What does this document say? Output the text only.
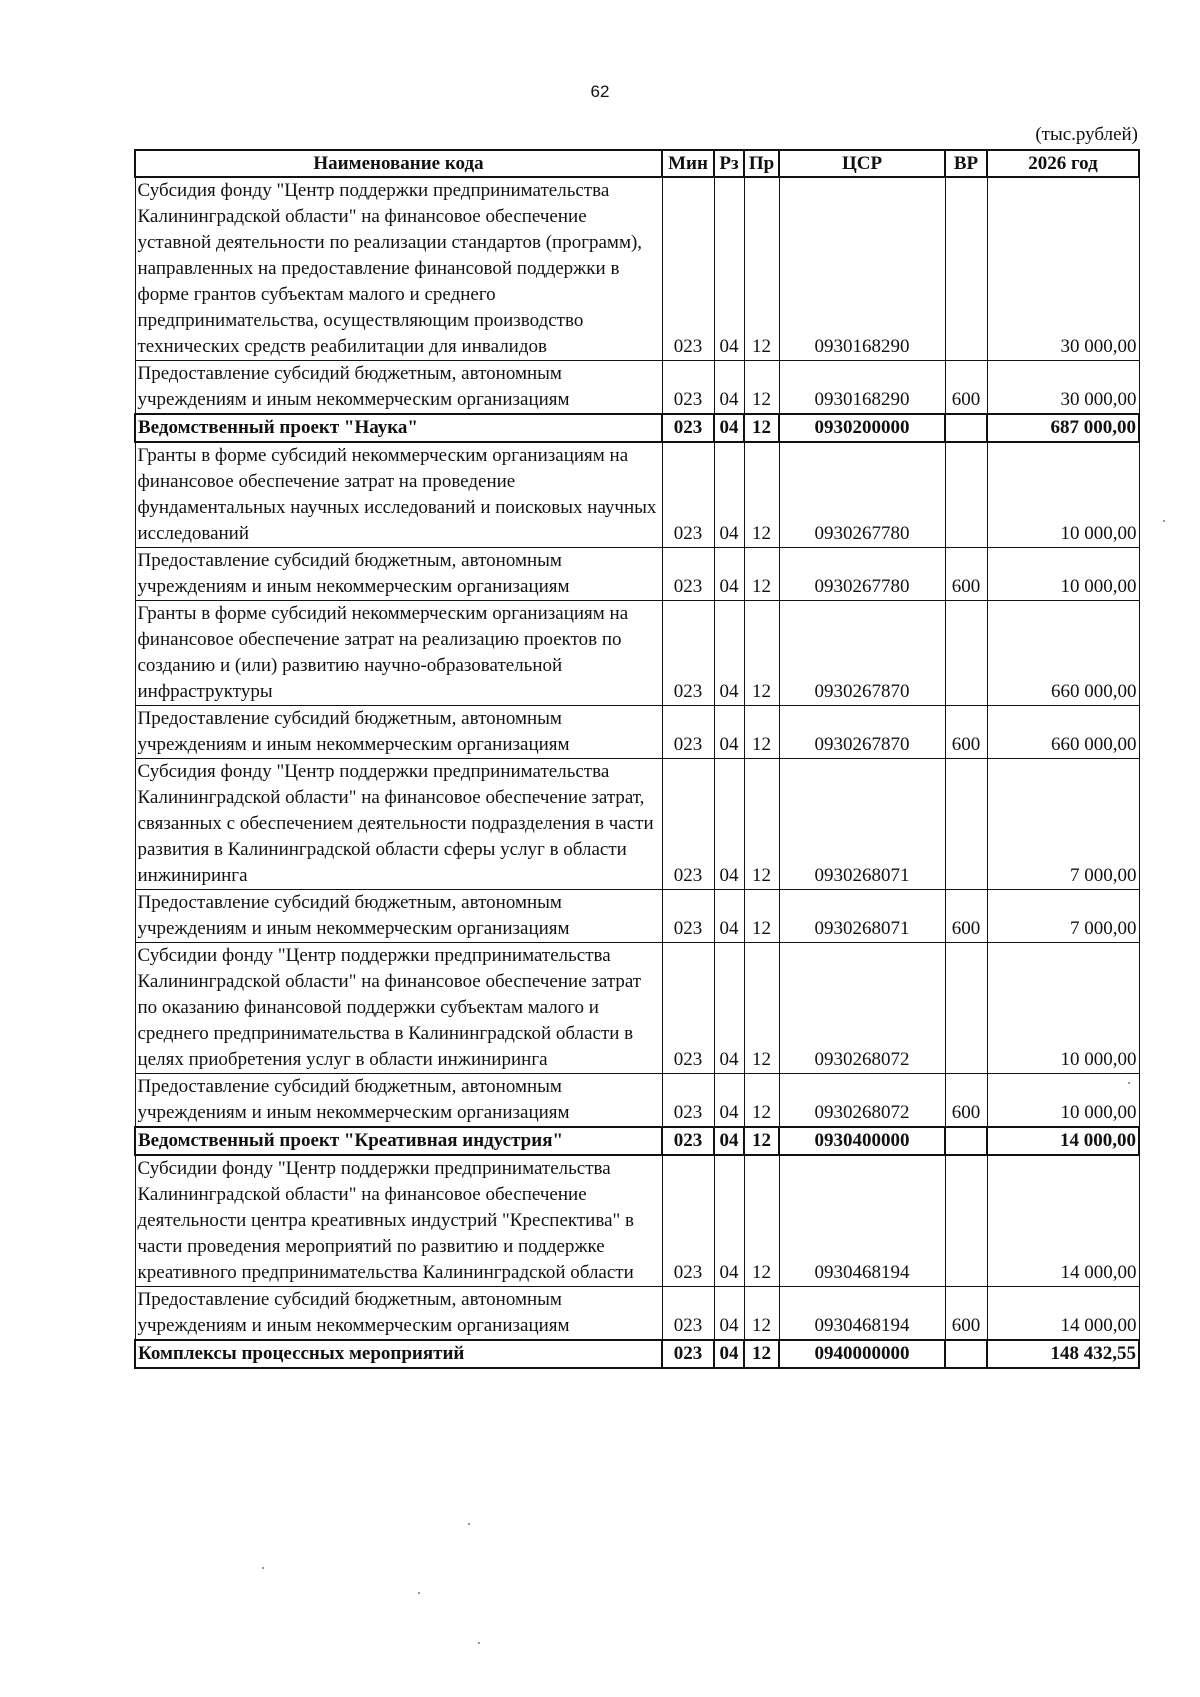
62
(тыс.рублей)
Наименование кода	Мин	Рз	Пр	ЦСР	ВР	2026 год
Субсидия фонду "Центр поддержки предпринимательства Калининградской области" на финансовое обеспечение уставной деятельности по реализации стандартов (программ), направленных на предоставление финансовой поддержки в форме грантов субъектам малого и среднего предпринимательства, осуществляющим производство технических средств реабилитации для инвалидов	023	04	12	0930168290		30 000,00
Предоставление субсидий бюджетным, автономным учреждениям и иным некоммерческим организациям	023	04	12	0930168290	600	30 000,00
Ведомственный проект "Наука"	023	04	12	0930200000		687 000,00
Гранты в форме субсидий некоммерческим организациям на финансовое обеспечение затрат на проведение фундаментальных научных исследований и поисковых научных исследований	023	04	12	0930267780		10 000,00
Предоставление субсидий бюджетным, автономным учреждениям и иным некоммерческим организациям	023	04	12	0930267780	600	10 000,00
Гранты в форме субсидий некоммерческим организациям на финансовое обеспечение затрат на реализацию проектов по созданию и (или) развитию научно-образовательной инфраструктуры	023	04	12	0930267870		660 000,00
Предоставление субсидий бюджетным, автономным учреждениям и иным некоммерческим организациям	023	04	12	0930267870	600	660 000,00
Субсидия фонду "Центр поддержки предпринимательства Калининградской области" на финансовое обеспечение затрат, связанных с обеспечением деятельности подразделения в части развития в Калининградской области сферы услуг в области инжиниринга	023	04	12	0930268071		7 000,00
Предоставление субсидий бюджетным, автономным учреждениям и иным некоммерческим организациям	023	04	12	0930268071	600	7 000,00
Субсидии фонду "Центр поддержки предпринимательства Калининградской области" на финансовое обеспечение затрат по оказанию финансовой поддержки субъектам малого и среднего предпринимательства в Калининградской области в целях приобретения услуг в области инжиниринга	023	04	12	0930268072		10 000,00
Предоставление субсидий бюджетным, автономным учреждениям и иным некоммерческим организациям	023	04	12	0930268072	600	10 000,00
Ведомственный проект "Креативная индустрия"	023	04	12	0930400000		14 000,00
Субсидии фонду "Центр поддержки предпринимательства Калининградской области" на финансовое обеспечение деятельности центра креативных индустрий "Креспектива" в части проведения мероприятий по развитию и поддержке креативного предпринимательства Калининградской области	023	04	12	0930468194		14 000,00
Предоставление субсидий бюджетным, автономным учреждениям и иным некоммерческим организациям	023	04	12	0930468194	600	14 000,00
Комплексы процессных мероприятий	023	04	12	0940000000		148 432,55
